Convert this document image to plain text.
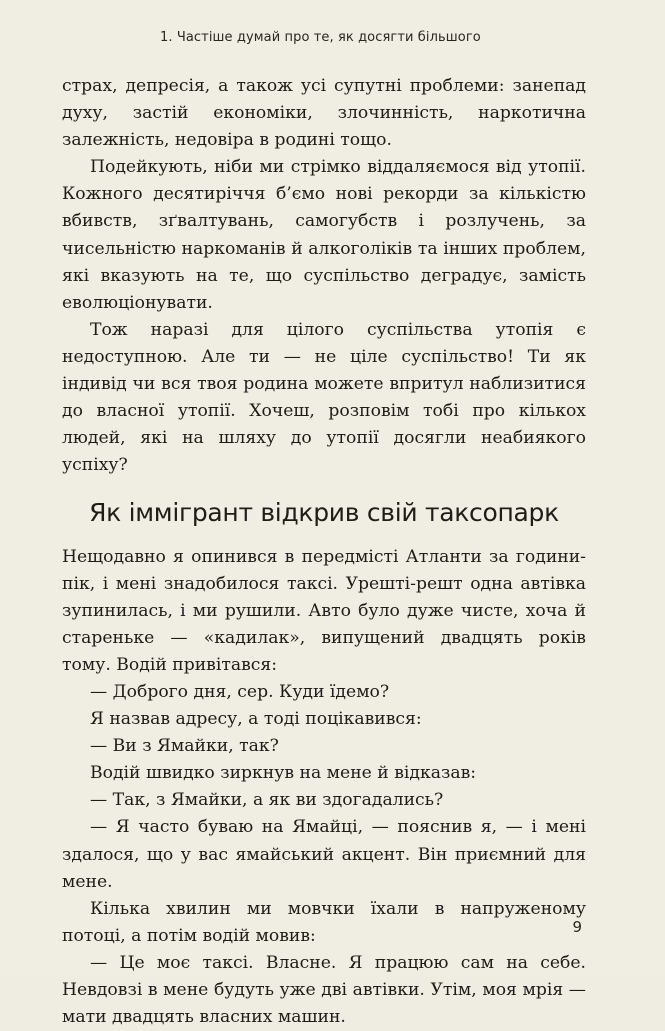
1. Частіше думай про те, як досягти більшого

страх, депресія, а також усі супутні проблеми: занепад духу, застій економіки, злочинність, наркотична залежність, недовіра в родині тощо.

Подейкують, ніби ми стрімко віддаляємося від утопії. Кожного десятиріччя б’ємо нові рекорди за кількістю вбивств, зґвалтувань, самогубств і розлучень, за чисельністю наркоманів й алкоголіків та інших проблем, які вказують на те, що суспільство деградує, замість еволюціонувати.

Тож наразі для цілого суспільства утопія є недоступною. Але ти — не ціле суспільство! Ти як індивід чи вся твоя родина можете впритул наблизитися до власної утопії. Хочеш, розповім тобі про кількох людей, які на шляху до утопії досягли неабиякого успіху?

Як іммігрант відкрив свій таксопарк

Нещодавно я опинився в передмісті Атланти за години-пік, і мені знадобилося таксі. Урешті-решт одна автівка зупинилась, і ми рушили. Авто було дуже чисте, хоча й стареньке — «кадилак», випущений двадцять років тому. Водій привітався:

— Доброго дня, сер. Куди їдемо?

Я назвав адресу, а тоді поцікавився:

— Ви з Ямайки, так?

Водій швидко зиркнув на мене й відказав:

— Так, з Ямайки, а як ви здогадались?

— Я часто буваю на Ямайці, — пояснив я, — і мені здалося, що у вас ямайський акцент. Він приємний для мене.

Кілька хвилин ми мовчки їхали в напруженому потоці, а потім водій мовив:

— Це моє таксі. Власне. Я працюю сам на себе. Невдовзі в мене будуть уже дві автівки. Утім, моя мрія — мати двадцять власних машин.

9
